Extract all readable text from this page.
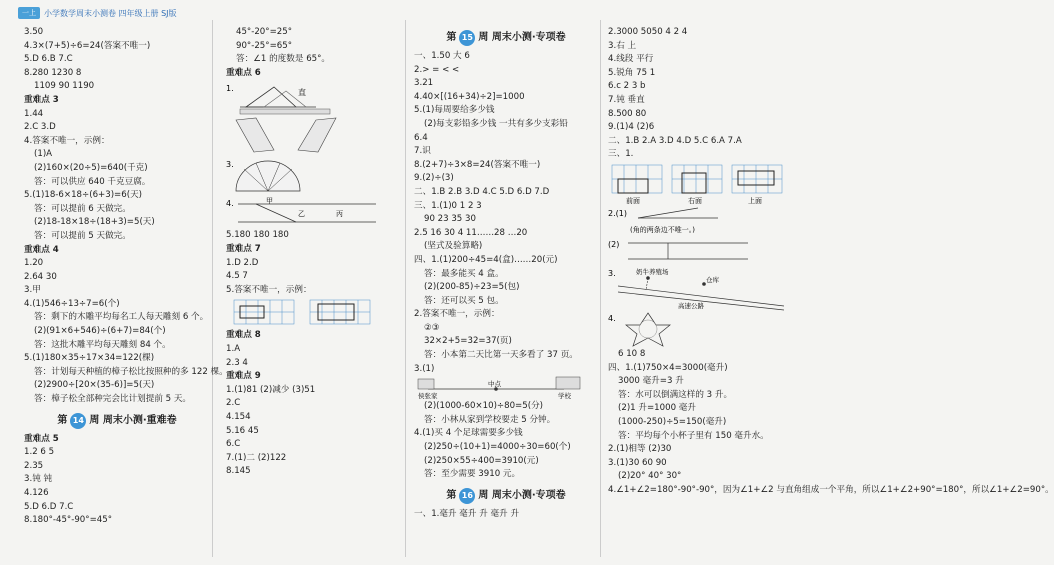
一上	小学数学周末小测卷 四年级上册 SJ版
3.50
4.3×(7+5)÷6=24(答案不唯一)
5.D 6.B 7.C
8.280 1230 8
1109 90 1190
重难点 3
1.44
2.C 3.D
4.答案不唯一，示例：
(1)A
(2)160×(20÷5)=640(千克)
答：可以供应 640 千克豆腐。
5.(1)18-6×18÷(6+3)=6(天)
答：可以提前 6 天做完。
(2)18-18×18÷(18+3)=5(天)
答：可以提前 5 天做完。
重难点 4
1.20
2.64 30
3.甲
4.(1)546÷13÷7=6(个)
答：剩下的木雕平均每名工人每天雕刻 6 个。
(2)(91×6+546)÷(6+7)=84(个)
答：这批木雕平均每天雕刻 84 个。
5.(1)180×35÷17×34=122(棵)
答：计划每天种植的樟子松比按照种的多 122 棵。
(2)2900÷[20×(35-6)]=5(天)
答：樟子松全部种完会比计划提前 5 天。
第 14 周 周末小测·重难卷
重难点 5
1.2 6 5
2.35
3.钝 钝
4.126
5.D 6.D 7.C
8.180°-45°-90°=45°
45°-20°=25°
90°-25°=65°
答：∠1 的度数是 65°。
重难点 6
1.	直
3.
4.	甲
乙	丙
5.180 180 180
重难点 7
1.D 2.D
4.5 7
5.答案不唯一，示例：
重难点 8
1.A
2.3 4
重难点 9
1.(1)81 (2)减少 (3)51
2.C
4.154
5.16 45
6.C
7.(1)二 (2)122
8.145
第 15 周 周末小测·专项卷
一、1.50 大 6
2.> = < <
3.21
4.40×[(16+34)÷2]=1000
5.(1)每周要给多少钱
(2)每支彩铅多少钱 一共有多少支彩铅
6.4
7.识
8.(2+7)÷3×8=24(答案不唯一)
9.(2)÷(3)
二、1.B 2.B 3.D 4.C 5.D 6.D 7.D
三、1.(1)0 1 2 3
90 23 35 30
2.5 16 30 4 11……28 …20
(坚式及验算略)
四、1.(1)200÷45=4(盒)……20(元)
答：最多能买 4 盒。
(2)(200-85)÷23=5(包)
答：还可以买 5 包。
2.答案不唯一，示例：
②③
32×2+5=32=37(页)
答：小本第二天比第一天多看了 37 页。
3.(1)
侯张家
中点
学校
(2)(1000-60×10)÷80=5(分)
答：小林从家到学校要走 5 分钟。
4.(1)买 4 个足球需要多少钱
(2)250÷(10+1)=4000÷30=60(个)
(2)250×55÷400=3910(元)
答：至少需要 3910 元。
第 16 周 周末小测·专项卷
一、1.毫升 毫升 升 毫升 升
2.3000 5050 4 2 4
3.右 上
4.线段 平行
5.锐角 75 1
6.c 2 3 b
7.钝 垂直
8.500 80
9.(1)4 (2)6
二、1.B 2.A 3.D 4.D 5.C 6.A 7.A
三、1.
前面	右面	上面
2.(1)
(角的两条边不唯一。)
(2)
3.	奶牛养殖场
仓库
高速公路
4.
6 10 8
四、1.(1)750×4=3000(毫升)
3000 毫升=3 升
答：水可以倒满这样的 3 升。
(2)1 升=1000 毫升
(1000-250)÷5=150(毫升)
答：平均每个小杯子里有 150 毫升水。
2.(1)相等 (2)30
3.(1)30 60 90
(2)20° 40° 30°
4.∠1+∠2=180°-90°-90°，因为∠1+∠2 与直角组成一个平角，所以∠1+∠2+90°=180°，所以∠1+∠2=90°。
